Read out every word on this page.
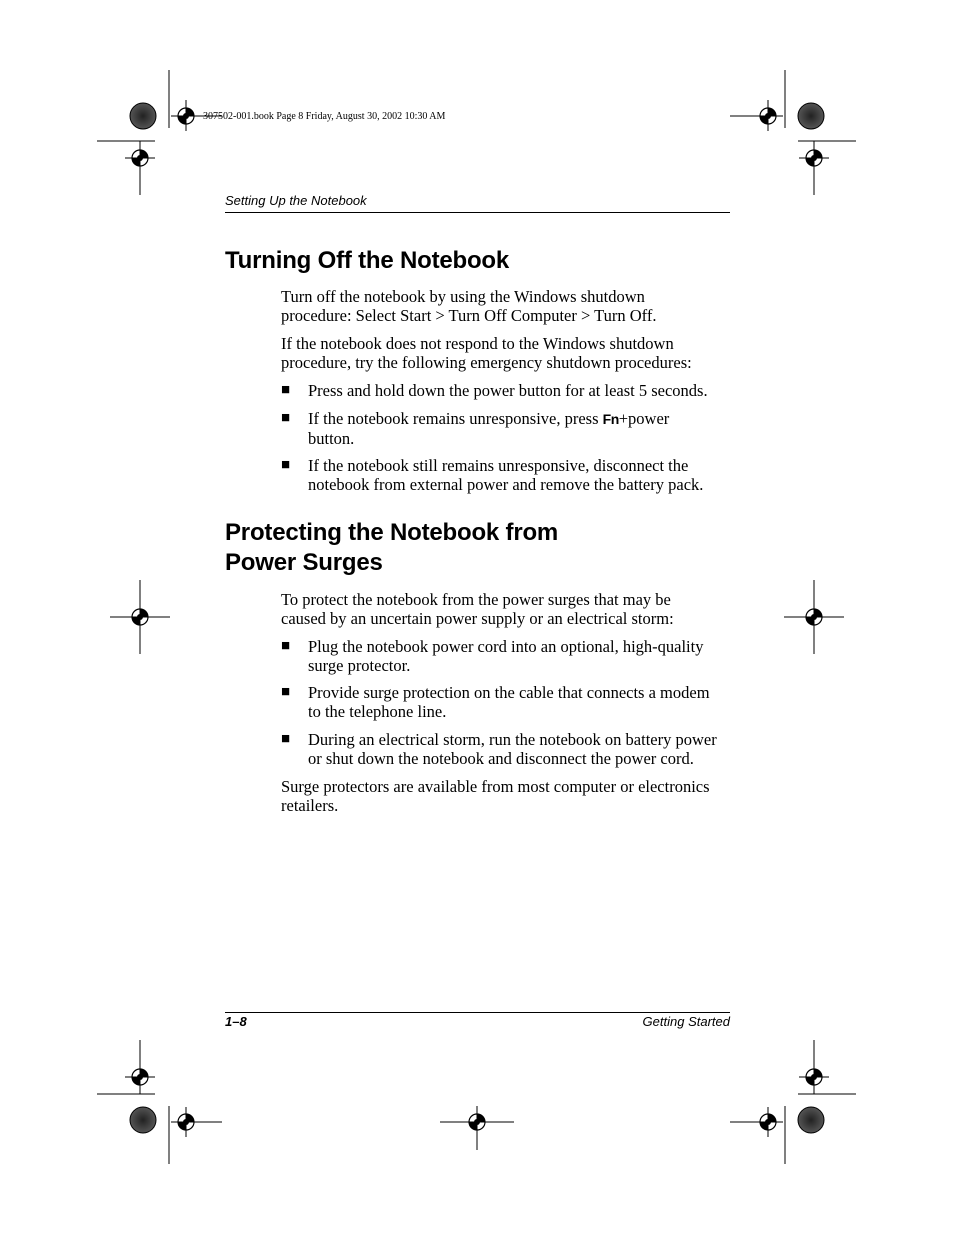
307502-001.book Page 8 Friday, August 30, 2002 10:30 AM
Setting Up the Notebook
Turning Off the Notebook
Turn off the notebook by using the Windows shutdown
procedure: Select Start > Turn Off Computer > Turn Off.
If the notebook does not respond to the Windows shutdown
procedure, try the following emergency shutdown procedures:
■	Press and hold down the power button for at least 5 seconds.
■	If the notebook remains unresponsive, press Fn+power
button.
■	If the notebook still remains unresponsive, disconnect the
notebook from external power and remove the battery pack.
Protecting the Notebook from
Power Surges
To protect the notebook from the power surges that may be
caused by an uncertain power supply or an electrical storm:
■	Plug the notebook power cord into an optional, high-quality
surge protector.
■	Provide surge protection on the cable that connects a modem
to the telephone line.
■	During an electrical storm, run the notebook on battery power
or shut down the notebook and disconnect the power cord.
Surge protectors are available from most computer or electronics
retailers.
1–8	Getting Started
